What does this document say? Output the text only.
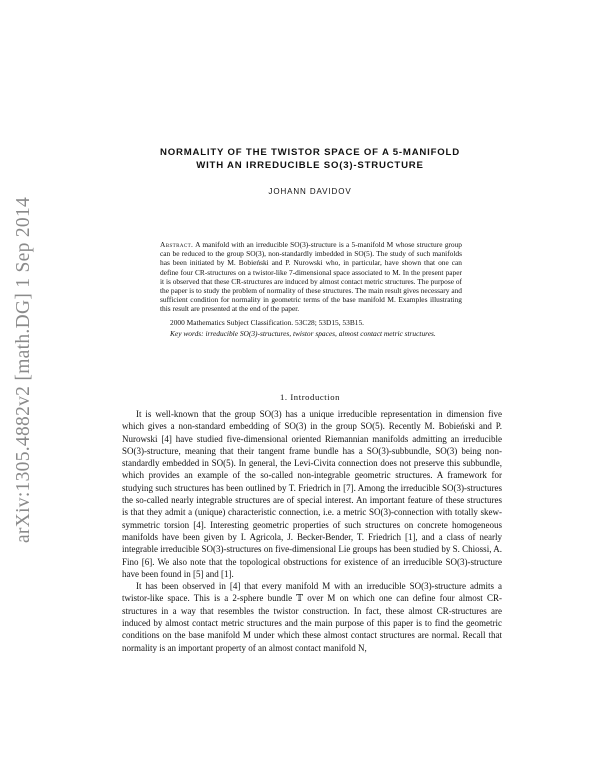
arXiv:1305.4882v2 [math.DG] 1 Sep 2014
NORMALITY OF THE TWISTOR SPACE OF A 5-MANIFOLD
WITH AN IRREDUCIBLE SO(3)-STRUCTURE
JOHANN DAVIDOV

Abstract. A manifold with an irreducible SO(3)-structure is a 5-manifold M whose structure group can be reduced to the group SO(3), non-standardly imbedded in SO(5). The study of such manifolds has been initiated by M. Bobieński and P. Nurowski who, in particular, have shown that one can define four CR-structures on a twistor-like 7-dimensional space associated to M. In the present paper it is observed that these CR-structures are induced by almost contact metric structures. The purpose of the paper is to study the problem of normality of these structures. The main result gives necessary and sufficient condition for normality in geometric terms of the base manifold M. Examples illustrating this result are presented at the end of the paper.

2000 Mathematics Subject Classification. 53C28; 53D15, 53B15.

Key words: irreducible SO(3)-structures, twistor spaces, almost contact metric structures.

1. Introduction

It is well-known that the group SO(3) has a unique irreducible representation in dimension five which gives a non-standard embedding of SO(3) in the group SO(5). Recently M. Bobieński and P. Nurowski [4] have studied five-dimensional oriented Riemannian manifolds admitting an irreducible SO(3)-structure, meaning that their tangent frame bundle has a SO(3)-subbundle, SO(3) being non-standardly embedded in SO(5). In general, the Levi-Civita connection does not preserve this subbundle, which provides an example of the so-called non-integrable geometric structures. A framework for studying such structures has been outlined by T. Friedrich in [7]. Among the irreducible SO(3)-structures the so-called nearly integrable structures are of special interest. An important feature of these structures is that they admit a (unique) characteristic connection, i.e. a metric SO(3)-connection with totally skew-symmetric torsion [4]. Interesting geometric properties of such structures on concrete homogeneous manifolds have been given by I. Agricola, J. Becker-Bender, T. Friedrich [1], and a class of nearly integrable irreducible SO(3)-structures on five-dimensional Lie groups has been studied by S. Chiossi, A. Fino [6]. We also note that the topological obstructions for existence of an irreducible SO(3)-structure have been found in [5] and [1].

It has been observed in [4] that every manifold M with an irreducible SO(3)-structure admits a twistor-like space. This is a 2-sphere bundle 𝕋 over M on which one can define four almost CR-structures in a way that resembles the twistor construction. In fact, these almost CR-structures are induced by almost contact metric structures and the main purpose of this paper is to find the geometric conditions on the base manifold M under which these almost contact structures are normal. Recall that normality is an important property of an almost contact manifold N,
